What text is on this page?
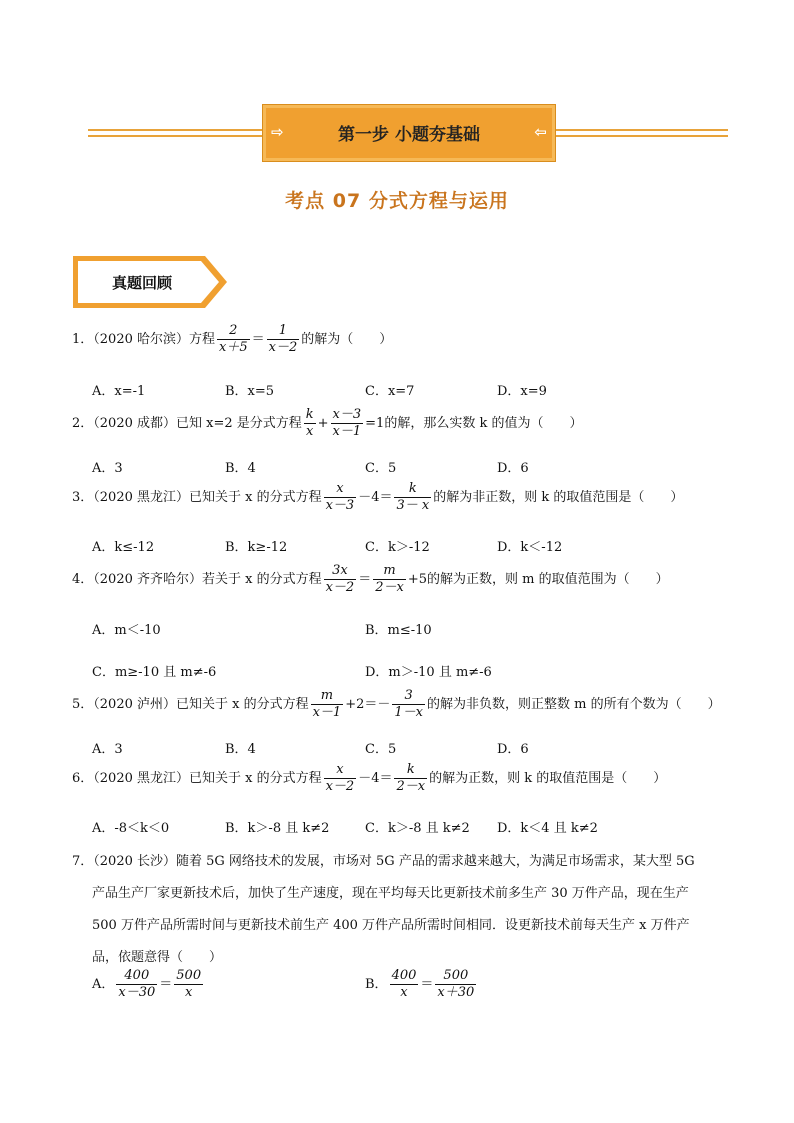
⇨	第一步 小题夯基础	⇦
考点 07 分式方程与运用
真题回顾
1．（2020 哈尔滨）方程 $\frac{2}{x+5} = \frac{1}{x-2}$ 的解为（　　）
A．x=-1	B．x=5	C．x=7	D．x=9
2．（2020 成都）已知 x=2 是分式方程 $\frac{k}{x} + \frac{x-3}{x-1} =1$的解，那么实数 k 的值为（　　）
A．3	B．4	C．5	D．6
3．（2020 黑龙江）已知关于 x 的分式方程 $\frac{x}{x-3} -4= \frac{k}{3- x}$ 的解为非正数，则 k 的取值范围是（　　）
A．k≤-12	B．k≥-12	C．k＞-12	D．k＜-12
4．（2020 齐齐哈尔）若关于 x 的分式方程 $\frac{3x}{x-2} = \frac{m}{2-x} +5$的解为正数，则 m 的取值范围为（　　）
A．m＜-10	B．m≤-10
C．m≥-10 且 m≠-6	D．m＞-10 且 m≠-6
5．（2020 泸州）已知关于 x 的分式方程 $\frac{m}{x-1} +2=- \frac{3}{1-x}$ 的解为非负数，则正整数 m 的所有个数为（　　）
A．3	B．4	C．5	D．6
6．（2020 黑龙江）已知关于 x 的分式方程 $\frac{x}{x-2} -4= \frac{k}{2-x}$ 的解为正数，则 k 的取值范围是（　　）
A．-8＜k＜0	B．k＞-8 且 k≠2	C．k＞-8 且 k≠2 D．k＜4 且 k≠2
7．（2020 长沙）随着 5G 网络技术的发展，市场对 5G 产品的需求越来越大，为满足市场需求，某大型 5G
产品生产厂家更新技术后，加快了生产速度，现在平均每天比更新技术前多生产 30 万件产品，现在生产
500 万件产品所需时间与更新技术前生产 400 万件产品所需时间相同．设更新技术前每天生产 x 万件产
品，依题意得（　　）
A． $\frac{400}{x-30} = \frac{500}{x}$	B． $\frac{400}{x} = \frac{500}{x+30}$
